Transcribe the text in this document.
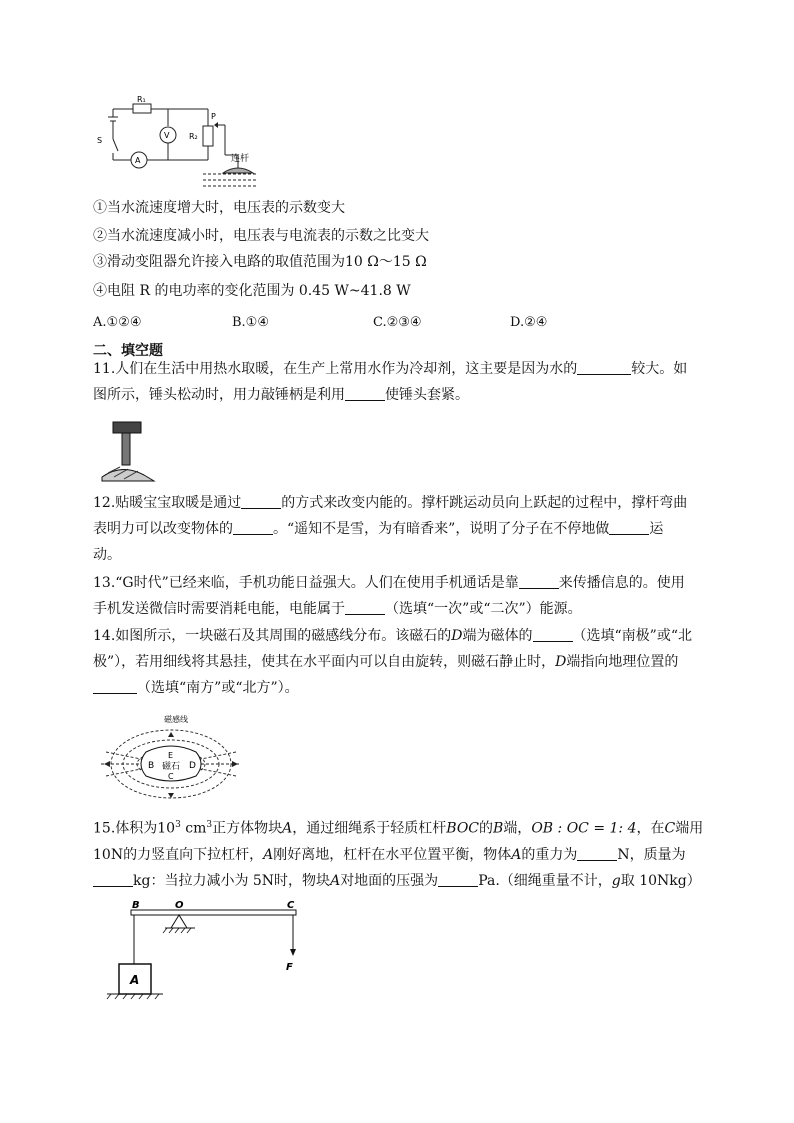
R₁
S
V R₂
P
A	连杆
①当水流速度增大时，电压表的示数变大
②当水流速度减小时，电压表与电流表的示数之比变大
③滑动变阻器允许接入电路的取值范围为10 Ω～15 Ω
④电阻 R 的电功率的变化范围为 0.45 W~41.8 W
A.①②④	B.①④	C.②③④	D.②④
二、填空题

11.人们在生活中用热水取暖，在生产上常用水作为冷却剂，这主要是因为水的	较大。如

图所示，锤头松动时，用力敲锤柄是利用	使锤头套紧。

12.贴暖宝宝取暖是通过	的方式来改变内能的。撑杆跳运动员向上跃起的过程中，撑杆弯曲

表明力可以改变物体的	。“遥知不是雪，为有暗香来”，说明了分子在不停地做	运

动。

13.“G时代”已经来临，手机功能日益强大。人们在使用手机通话是靠	来传播信息的。使用

手机发送微信时需要消耗电能，电能属于	（选填“一次”或“二次”）能源。

14.如图所示，一块磁石及其周围的磁感线分布。该磁石的D端为磁体的	（选填“南极”或“北

极”），若用细线将其悬挂，使其在水平面内可以自由旋转，则磁石静止时，D端指向地理位置的

（选填“南方”或“北方”）。

磁感线
B
E
磁石
C
D

15.体积为$10^3$ $cm^3$正方体物块A，通过细绳系于轻质杠杆BOC的B端，OB : OC = 1: 4，在C端用

10N的力竖直向下拉杠杆，A刚好离地，杠杆在水平位置平衡，物体A的重力为	N，质量为

kg：当拉力减小为 5N时，物块A对地面的压强为	Pa.（细绳重量不计，g取 10Nkg）

B	O	C
F
A
